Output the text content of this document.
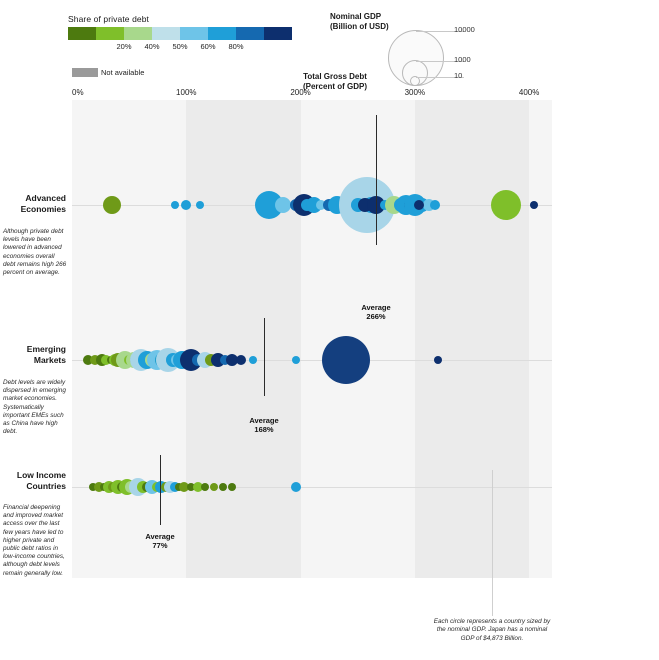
Share of private debt
20% 40% 50% 60% 80%
Not available
Nominal GDP
(Billion of USD)	10000
1000
10
Total Gross Debt
(Percent of GDP)
0%	100%	200%	300%	400%
Advanced
Economies
Although private debt levels have been lowered in advanced economies overall debt remains high 266 percent on average.
Emerging
Markets
Debt levels are widely dispersed in emerging market economies. Systematically important EMEs such as China have high debt.
Low Income
Countries
Financial deepening and improved market access over the last few years have led to higher private and public debt ratios in low-income countries, although debt levels remain generally low.
Each circle represents a country sized by the nominal GDP. Japan has a nominal GDP of $4,873 Billion.
Average
266%
Average
168%
Average
77%
